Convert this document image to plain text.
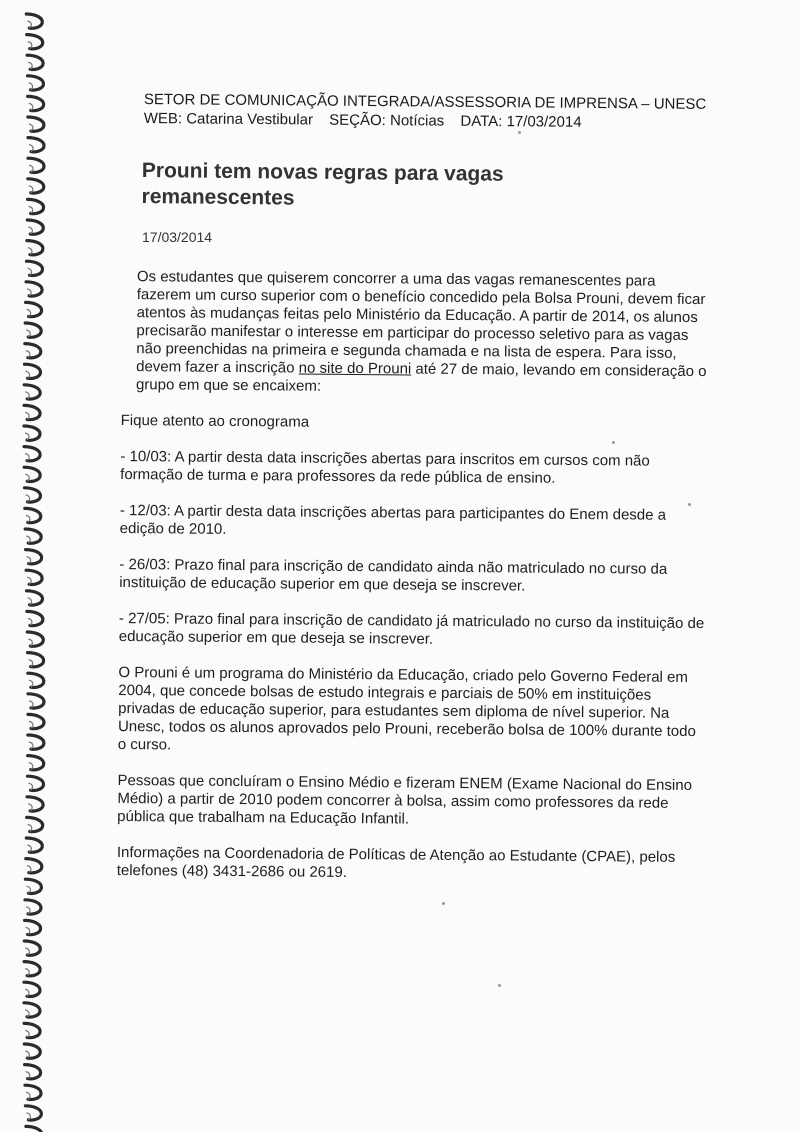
SETOR DE COMUNICAÇÃO INTEGRADA/ASSESSORIA DE IMPRENSA – UNESC
WEB: Catarina Vestibular SEÇÃO: Notícias DATA: 17/03/2014
Prouni tem novas regras para vagas remanescentes
17/03/2014

Os estudantes que quiserem concorrer a uma das vagas remanescentes para fazerem um curso superior com o benefício concedido pela Bolsa Prouni, devem ficar atentos às mudanças feitas pelo Ministério da Educação. A partir de 2014, os alunos precisarão manifestar o interesse em participar do processo seletivo para as vagas não preenchidas na primeira e segunda chamada e na lista de espera. Para isso, devem fazer a inscrição no site do Prouni até 27 de maio, levando em consideração o grupo em que se encaixem:

Fique atento ao cronograma

- 10/03: A partir desta data inscrições abertas para inscritos em cursos com não formação de turma e para professores da rede pública de ensino.

- 12/03: A partir desta data inscrições abertas para participantes do Enem desde a edição de 2010.

- 26/03: Prazo final para inscrição de candidato ainda não matriculado no curso da instituição de educação superior em que deseja se inscrever.

- 27/05: Prazo final para inscrição de candidato já matriculado no curso da instituição de educação superior em que deseja se inscrever.

O Prouni é um programa do Ministério da Educação, criado pelo Governo Federal em 2004, que concede bolsas de estudo integrais e parciais de 50% em instituições privadas de educação superior, para estudantes sem diploma de nível superior. Na Unesc, todos os alunos aprovados pelo Prouni, receberão bolsa de 100% durante todo o curso.

Pessoas que concluíram o Ensino Médio e fizeram ENEM (Exame Nacional do Ensino Médio) a partir de 2010 podem concorrer à bolsa, assim como professores da rede pública que trabalham na Educação Infantil.

Informações na Coordenadoria de Políticas de Atenção ao Estudante (CPAE), pelos telefones (48) 3431-2686 ou 2619.
